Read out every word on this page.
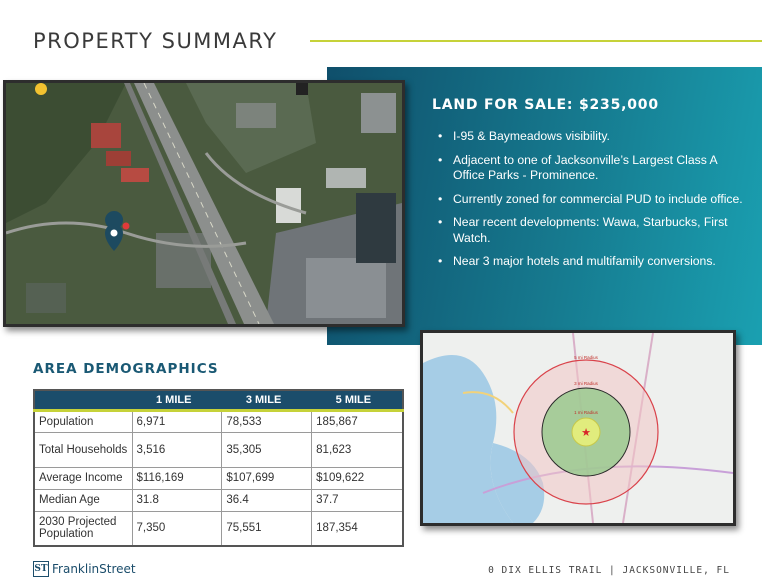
PROPERTY SUMMARY
LAND FOR SALE: $235,000
• I-95 & Baymeadows visibility.
• Adjacent to one of Jacksonville’s Largest Class A Office Parks - Prominence.
• Currently zoned for commercial PUD to include office.
• Near recent developments: Wawa, Starbucks, First Watch.
• Near 3 major hotels and multifamily conversions.
5 mi Radius
3 mi Radius
1 mi Radius
★
AREA DEMOGRAPHICS
	1 MILE	3 MILE	5 MILE
Population	6,971	78,533	185,867
Total Households	3,516	35,305	81,623
Average Income	$116,169	$107,699	$109,622
Median Age	31.8	36.4	37.7
2030 Projected Population	7,350	75,551	187,354
ST FranklinStreet	0 DIX ELLIS TRAIL | JACKSONVILLE, FL
